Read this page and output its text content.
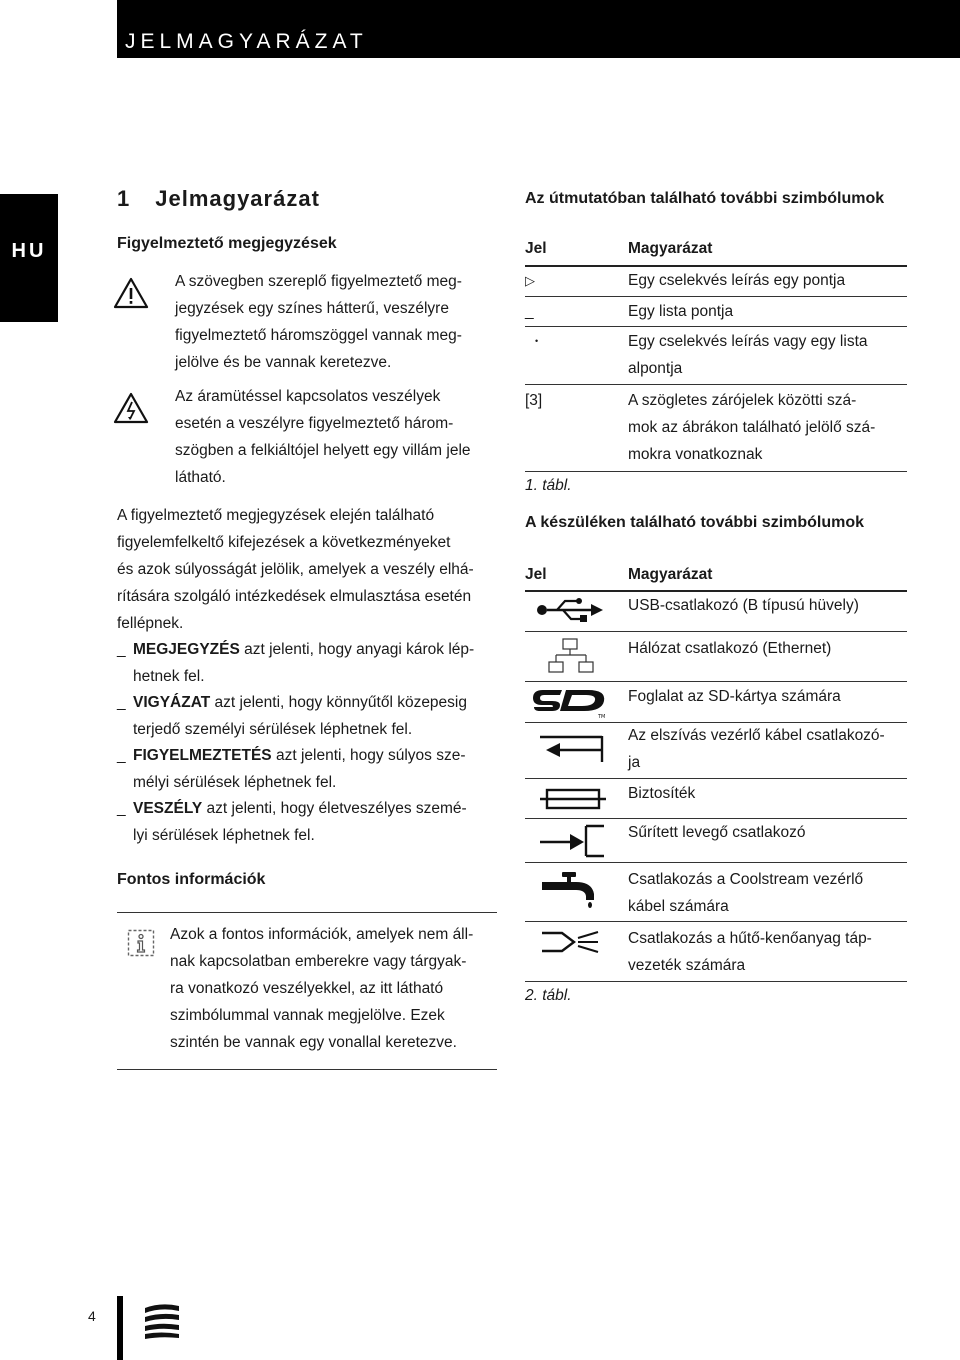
JELMAGYARÁZAT
HU
1 Jelmagyarázat
Figyelmeztető megjegyzések
A szövegben szereplő figyelmeztető meg-
jegyzések egy színes hátterű, veszélyre
figyelmeztető háromszöggel vannak meg-
jelölve és be vannak keretezve.
Az áramütéssel kapcsolatos veszélyek
esetén a veszélyre figyelmeztető három-
szögben a felkiáltójel helyett egy villám jele
látható.
A figyelmeztető megjegyzések elején található
figyelemfelkeltő kifejezések a következményeket
és azok súlyosságát jelölik, amelyek a veszély elhá-
rítására szolgáló intézkedések elmulasztása esetén
fellépnek.
_ MEGJEGYZÉS azt jelenti, hogy anyagi károk lép-
hetnek fel.
_ VIGYÁZAT azt jelenti, hogy könnyűtől közepesig
terjedő személyi sérülések léphetnek fel.
_ FIGYELMEZTETÉS azt jelenti, hogy súlyos sze-
mélyi sérülések léphetnek fel.
_ VESZÉLY azt jelenti, hogy életveszélyes szemé-
lyi sérülések léphetnek fel.
Fontos információk
Azok a fontos információk, amelyek nem áll-
nak kapcsolatban emberekre vagy tárgyak-
ra vonatkozó veszélyekkel, az itt látható
szimbólummal vannak megjelölve. Ezek
szintén be vannak egy vonallal keretezve.
Az útmutatóban található további szimbólumok
Jel	Magyarázat
▷	Egy cselekvés leírás egy pontja
_	Egy lista pontja
•	Egy cselekvés leírás vagy egy lista
alpontja
[3]	A szögletes zárójelek közötti szá-
mok az ábrákon található jelölő szá-
mokra vonatkoznak
1. tábl.
A készüléken található további szimbólumok
Jel	Magyarázat
USB-csatlakozó (B típusú hüvely)
Hálózat csatlakozó (Ethernet)
TM
Foglalat az SD-kártya számára
Az elszívás vezérlő kábel csatlakozó-
ja
Biztosíték
Sűrített levegő csatlakozó
Csatlakozás a Coolstream vezérlő
kábel számára
Csatlakozás a hűtő-kenőanyag táp-
vezeték számára
2. tábl.
4
